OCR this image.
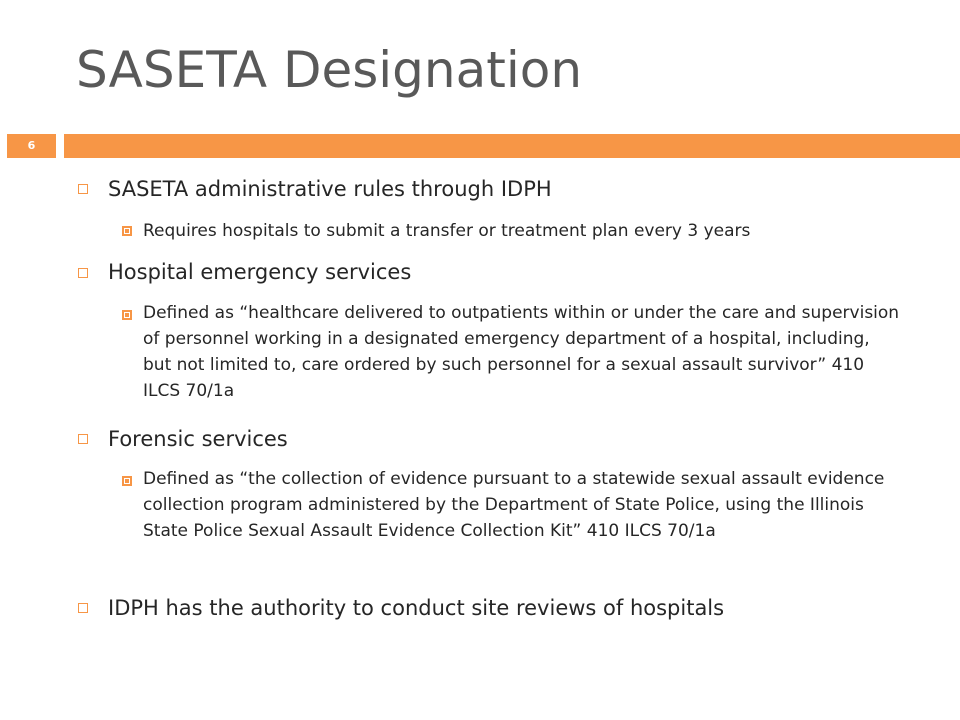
SASETA Designation
6
SASETA administrative rules through IDPH
Requires hospitals to submit a transfer or treatment plan every 3 years
Hospital emergency services
Defined as “healthcare delivered to outpatients within or under the care and supervision of personnel working in a designated emergency department of a hospital, including, but not limited to, care ordered by such personnel for a sexual assault survivor” 410 ILCS 70/1a
Forensic services
Defined as “the collection of evidence pursuant to a statewide sexual assault evidence collection program administered by the Department of State Police, using the Illinois State Police Sexual Assault Evidence Collection Kit” 410 ILCS 70/1a
IDPH has the authority to conduct site reviews of hospitals
